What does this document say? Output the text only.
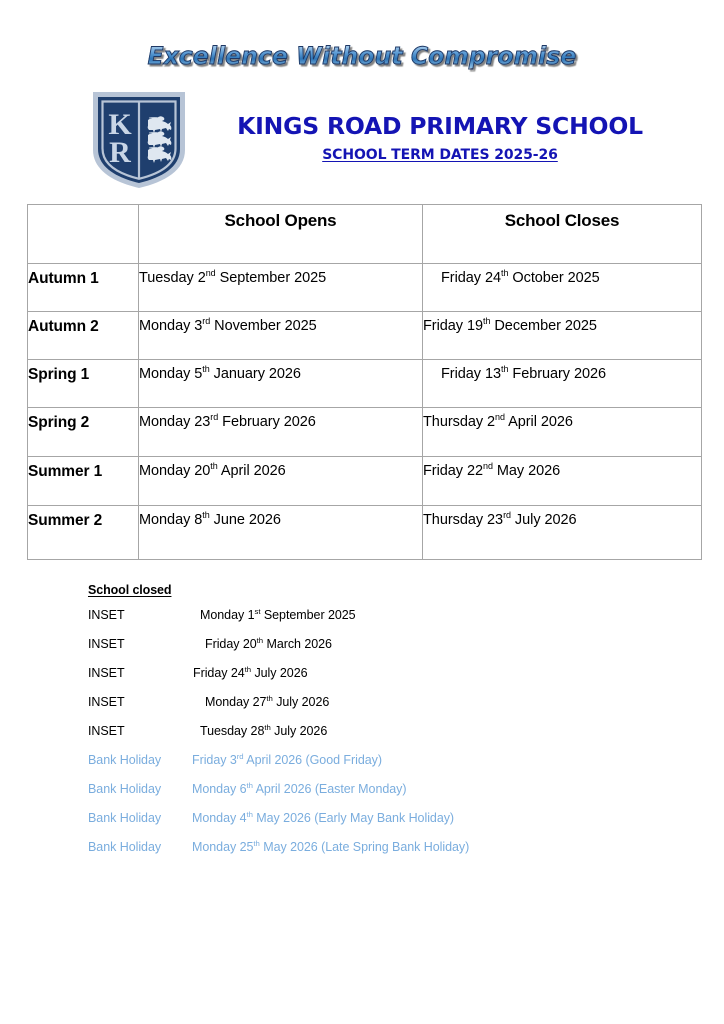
Excellence Without Compromise
K
R
KINGS ROAD PRIMARY SCHOOL
SCHOOL TERM DATES 2025-26
	School Opens	School Closes
Autumn 1	Tuesday 2nd September 2025	Friday 24th October 2025
Autumn 2	Monday 3rd November 2025	Friday 19th December 2025
Spring 1	Monday 5th January 2026	Friday 13th February 2026
Spring 2	Monday 23rd February 2026	Thursday 2nd April 2026
Summer 1	Monday 20th April 2026	Friday 22nd May 2026
Summer 2	Monday 8th June 2026	Thursday 23rd July 2026
School closed
INSET	Monday 1st September 2025
INSET	Friday 20th March 2026
INSET	Friday 24th July 2026
INSET	Monday 27th July 2026
INSET	Tuesday 28th July 2026
Bank Holiday Friday 3rd April 2026 (Good Friday)
Bank Holiday Monday 6th April 2026 (Easter Monday)
Bank Holiday Monday 4th May 2026 (Early May Bank Holiday)
Bank Holiday Monday 25th May 2026 (Late Spring Bank Holiday)
